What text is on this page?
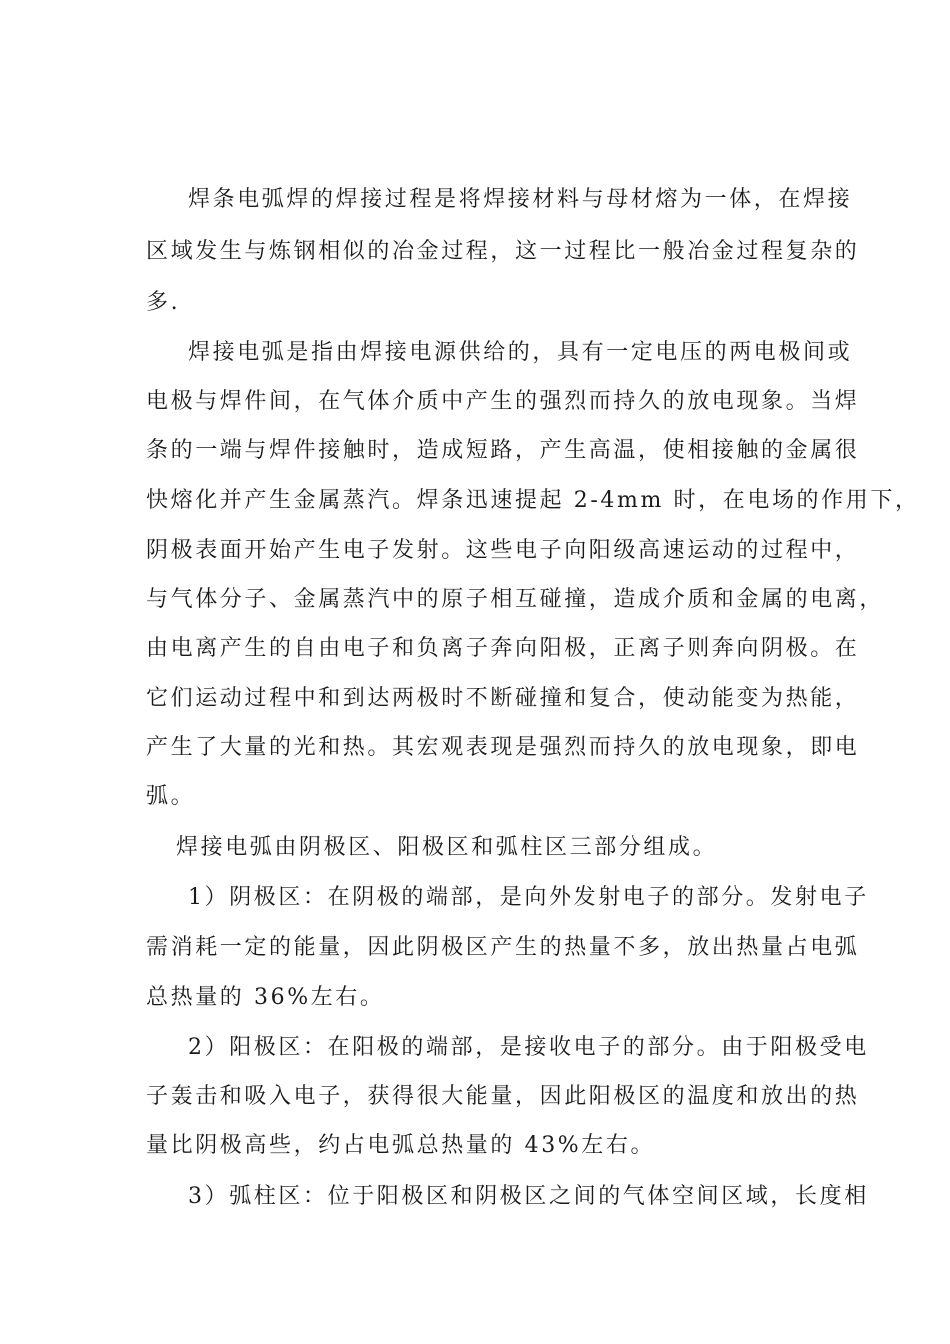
焊条电弧焊的焊接过程是将焊接材料与母材熔为一体，在焊接
区域发生与炼钢相似的冶金过程，这一过程比一般冶金过程复杂的
多.
焊接电弧是指由焊接电源供给的，具有一定电压的两电极间或
电极与焊件间，在气体介质中产生的强烈而持久的放电现象。当焊
条的一端与焊件接触时，造成短路，产生高温，使相接触的金属很
快熔化并产生金属蒸汽。焊条迅速提起 2-4mm 时，在电场的作用下，
阴极表面开始产生电子发射。这些电子向阳级高速运动的过程中，
与气体分子、金属蒸汽中的原子相互碰撞，造成介质和金属的电离，
由电离产生的自由电子和负离子奔向阳极，正离子则奔向阴极。在
它们运动过程中和到达两极时不断碰撞和复合，使动能变为热能，
产生了大量的光和热。其宏观表现是强烈而持久的放电现象，即电
弧。
焊接电弧由阴极区、阳极区和弧柱区三部分组成。
1）阴极区：在阴极的端部，是向外发射电子的部分。发射电子
需消耗一定的能量，因此阴极区产生的热量不多，放出热量占电弧
总热量的 36%左右。
2）阳极区：在阳极的端部，是接收电子的部分。由于阳极受电
子轰击和吸入电子，获得很大能量，因此阳极区的温度和放出的热
量比阴极高些，约占电弧总热量的 43%左右。
3）弧柱区：位于阳极区和阴极区之间的气体空间区域，长度相
